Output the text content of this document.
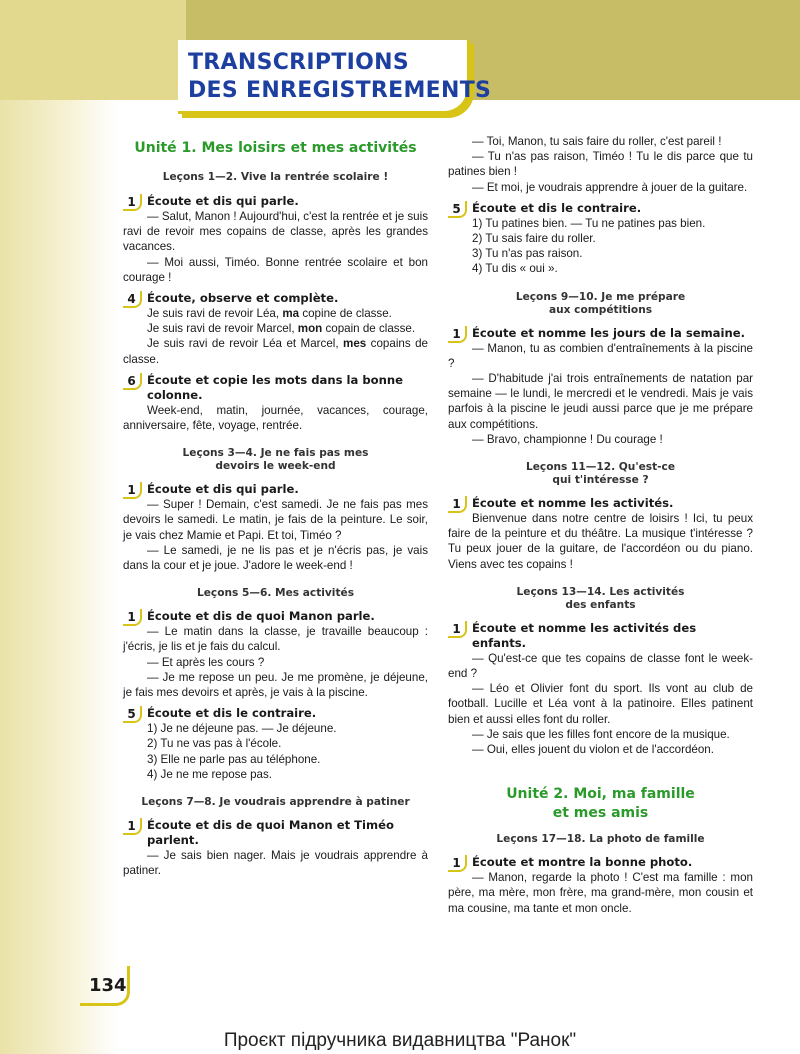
TRANSCRIPTIONS
DES ENREGISTREMENTS
Unité 1. Mes loisirs et mes activités
Leçons 1—2. Vive la rentrée scolaire !
1 Écoute et dis qui parle.

— Salut, Manon ! Aujourd'hui, c'est la rentrée et je suis ravi de revoir mes copains de classe, après les grandes vacances.

— Moi aussi, Timéo. Bonne rentrée scolaire et bon courage !

4 Écoute, observe et complète.

Je suis ravi de revoir Léa, ma copine de classe.

Je suis ravi de revoir Marcel, mon copain de classe.

Je suis ravi de revoir Léa et Marcel, mes copains de classe.

6 Écoute et copie les mots dans la bonne colonne.

Week-end, matin, journée, vacances, courage, anniversaire, fête, voyage, rentrée.

Leçons 3—4. Je ne fais pas mes
devoirs le week-end
1 Écoute et dis qui parle.

— Super ! Demain, c'est samedi. Je ne fais pas mes devoirs le samedi. Le matin, je fais de la peinture. Le soir, je vais chez Mamie et Papi. Et toi, Timéo ?

— Le samedi, je ne lis pas et je n'écris pas, je vais dans la cour et je joue. J'adore le week-end !

Leçons 5—6. Mes activités
1 Écoute et dis de quoi Manon parle.

— Le matin dans la classe, je travaille beaucoup : j'écris, je lis et je fais du calcul.

— Et après les cours ?

— Je me repose un peu. Je me promène, je déjeune, je fais mes devoirs et après, je vais à la piscine.

5 Écoute et dis le contraire.

1) Je ne déjeune pas. — Je déjeune.

2) Tu ne vas pas à l'école.

3) Elle ne parle pas au téléphone.

4) Je ne me repose pas.

Leçons 7—8. Je voudrais apprendre à patiner
1 Écoute et dis de quoi Manon et Timéo parlent.

— Je sais bien nager. Mais je voudrais apprendre à patiner.

— Toi, Manon, tu sais faire du roller, c'est pareil !

— Tu n'as pas raison, Timéo ! Tu le dis parce que tu patines bien !

— Et moi, je voudrais apprendre à jouer de la guitare.

5 Écoute et dis le contraire.

1) Tu patines bien. — Tu ne patines pas bien.

2) Tu sais faire du roller.

3) Tu n'as pas raison.

4) Tu dis « oui ».

Leçons 9—10. Je me prépare
aux compétitions
1 Écoute et nomme les jours de la semaine.

— Manon, tu as combien d'entraînements à la piscine ?

— D'habitude j'ai trois entraînements de natation par semaine — le lundi, le mercredi et le vendredi. Mais je vais parfois à la piscine le jeudi aussi parce que je me prépare aux compétitions.

— Bravo, championne ! Du courage !

Leçons 11—12. Qu'est-ce
qui t'intéresse ?
1 Écoute et nomme les activités.

Bienvenue dans notre centre de loisirs ! Ici, tu peux faire de la peinture et du théâtre. La musique t'intéresse ? Tu peux jouer de la guitare, de l'accordéon ou du piano. Viens avec tes copains !

Leçons 13—14. Les activités
des enfants
1 Écoute et nomme les activités des enfants.

— Qu'est-ce que tes copains de classe font le week-end ?

— Léo et Olivier font du sport. Ils vont au club de football. Lucille et Léa vont à la patinoire. Elles patinent bien et aussi elles font du roller.

— Je sais que les filles font encore de la musique.

— Oui, elles jouent du violon et de l'accordéon.

Unité 2. Moi, ma famille
et mes amis
Leçons 17—18. La photo de famille
1 Écoute et montre la bonne photo.

— Manon, regarde la photo ! C'est ma famille : mon père, ma mère, mon frère, ma grand-mère, mon cousin et ma cousine, ma tante et mon oncle.

134
Проєкт підручника видавництва "Ранок"
